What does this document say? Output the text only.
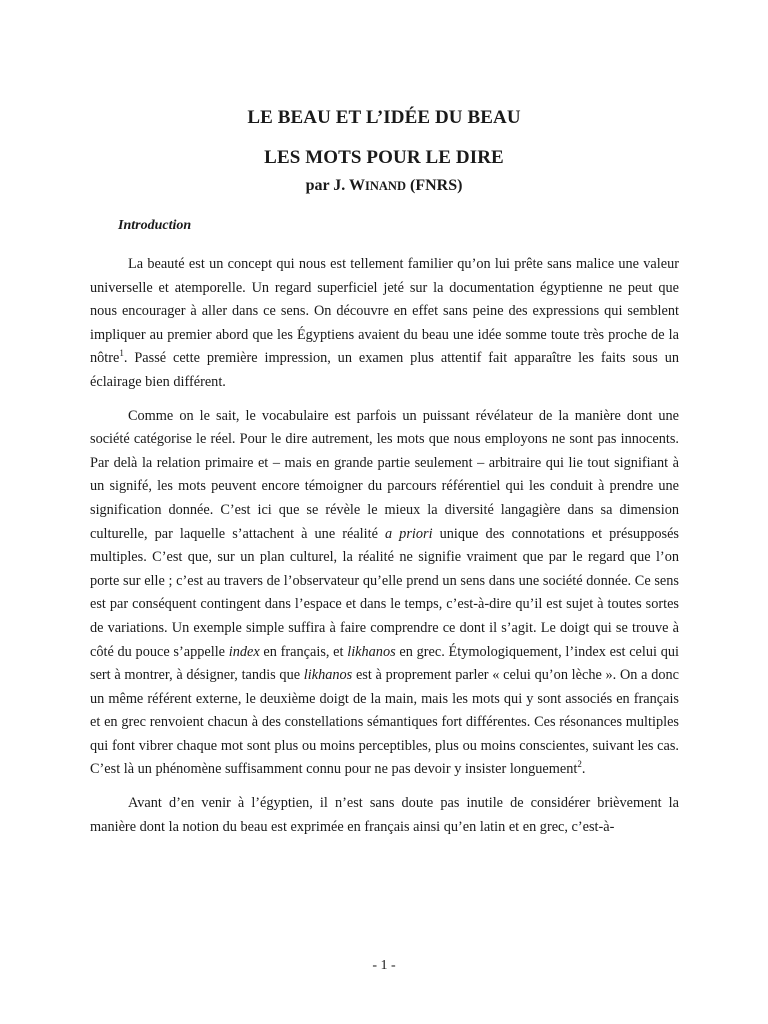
LE BEAU ET L’IDÉE DU BEAU
LES MOTS POUR LE DIRE
par J. WINAND (FNRS)
Introduction

La beauté est un concept qui nous est tellement familier qu’on lui prête sans malice une valeur universelle et atemporelle. Un regard superficiel jeté sur la documentation égyptienne ne peut que nous encourager à aller dans ce sens. On découvre en effet sans peine des expressions qui semblent impliquer au premier abord que les Égyptiens avaient du beau une idée somme toute très proche de la nôtre$^1$. Passé cette première impression, un examen plus attentif fait apparaître les faits sous un éclairage bien différent.

Comme on le sait, le vocabulaire est parfois un puissant révélateur de la manière dont une société catégorise le réel. Pour le dire autrement, les mots que nous employons ne sont pas innocents. Par delà la relation primaire et – mais en grande partie seulement – arbitraire qui lie tout signifiant à un signifé, les mots peuvent encore témoigner du parcours référentiel qui les conduit à prendre une signification donnée. C’est ici que se révèle le mieux la diversité langagière dans sa dimension culturelle, par laquelle s’attachent à une réalité a priori unique des connotations et présupposés multiples. C’est que, sur un plan culturel, la réalité ne signifie vraiment que par le regard que l’on porte sur elle ; c’est au travers de l’observateur qu’elle prend un sens dans une société donnée. Ce sens est par conséquent contingent dans l’espace et dans le temps, c’est-à-dire qu’il est sujet à toutes sortes de variations. Un exemple simple suffira à faire comprendre ce dont il s’agit. Le doigt qui se trouve à côté du pouce s’appelle index en français, et likhanos en grec. Étymologiquement, l’index est celui qui sert à montrer, à désigner, tandis que likhanos est à proprement parler « celui qu’on lèche ». On a donc un même référent externe, le deuxième doigt de la main, mais les mots qui y sont associés en français et en grec renvoient chacun à des constellations sémantiques fort différentes. Ces résonances multiples qui font vibrer chaque mot sont plus ou moins perceptibles, plus ou moins conscientes, suivant les cas. C’est là un phénomène suffisamment connu pour ne pas devoir y insister longuement$^2$.

Avant d’en venir à l’égyptien, il n’est sans doute pas inutile de considérer brièvement la manière dont la notion du beau est exprimée en français ainsi qu’en latin et en grec, c’est-à-

- 1 -
